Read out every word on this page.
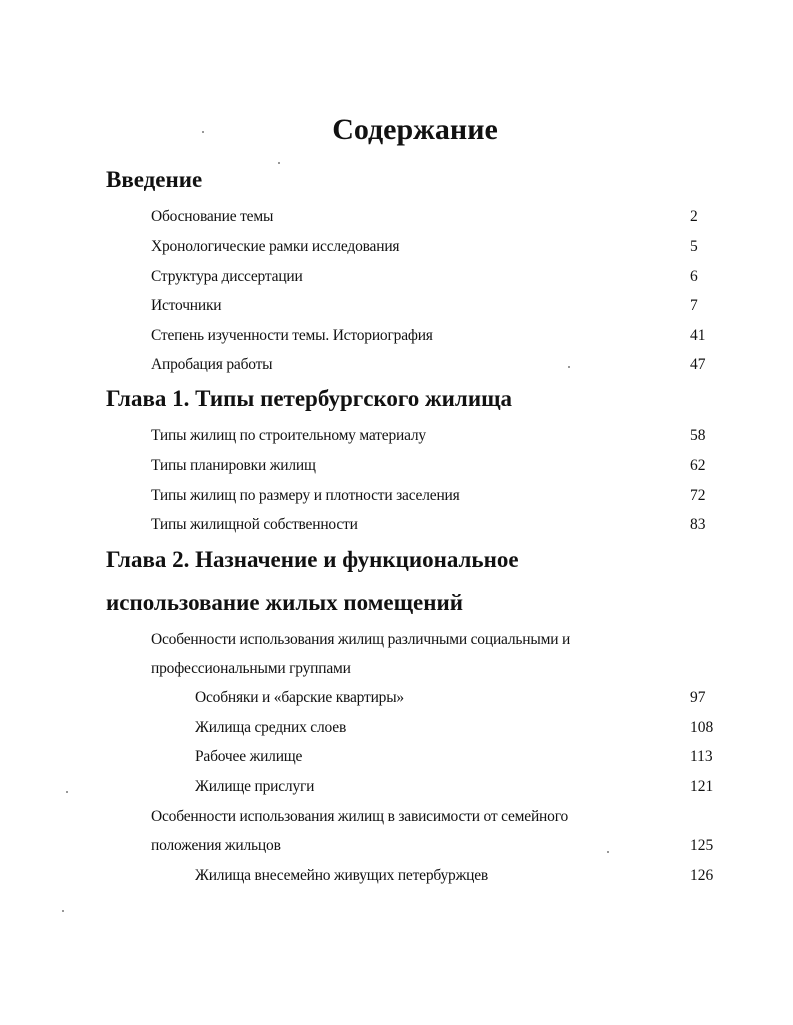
Содержание
Введение
Обоснование темы	2
Хронологические рамки исследования	5
Структура диссертации	6
Источники	7
Степень изученности темы. Историография	41
Апробация работы	47
Глава 1. Типы петербургского жилища
Типы жилищ по строительному материалу	58
Типы планировки жилищ	62
Типы жилищ по размеру и плотности заселения	72
Типы жилищной собственности	83
Глава 2. Назначение и функциональное
использование жилых помещений
Особенности использования жилищ различными социальными и
профессиональными группами
Особняки и «барские квартиры»	97
Жилища средних слоев	108
Рабочее жилище	113
Жилище прислуги	121
Особенности использования жилищ в зависимости от семейного
положения жильцов	125
Жилища внесемейно живущих петербуржцев	126
